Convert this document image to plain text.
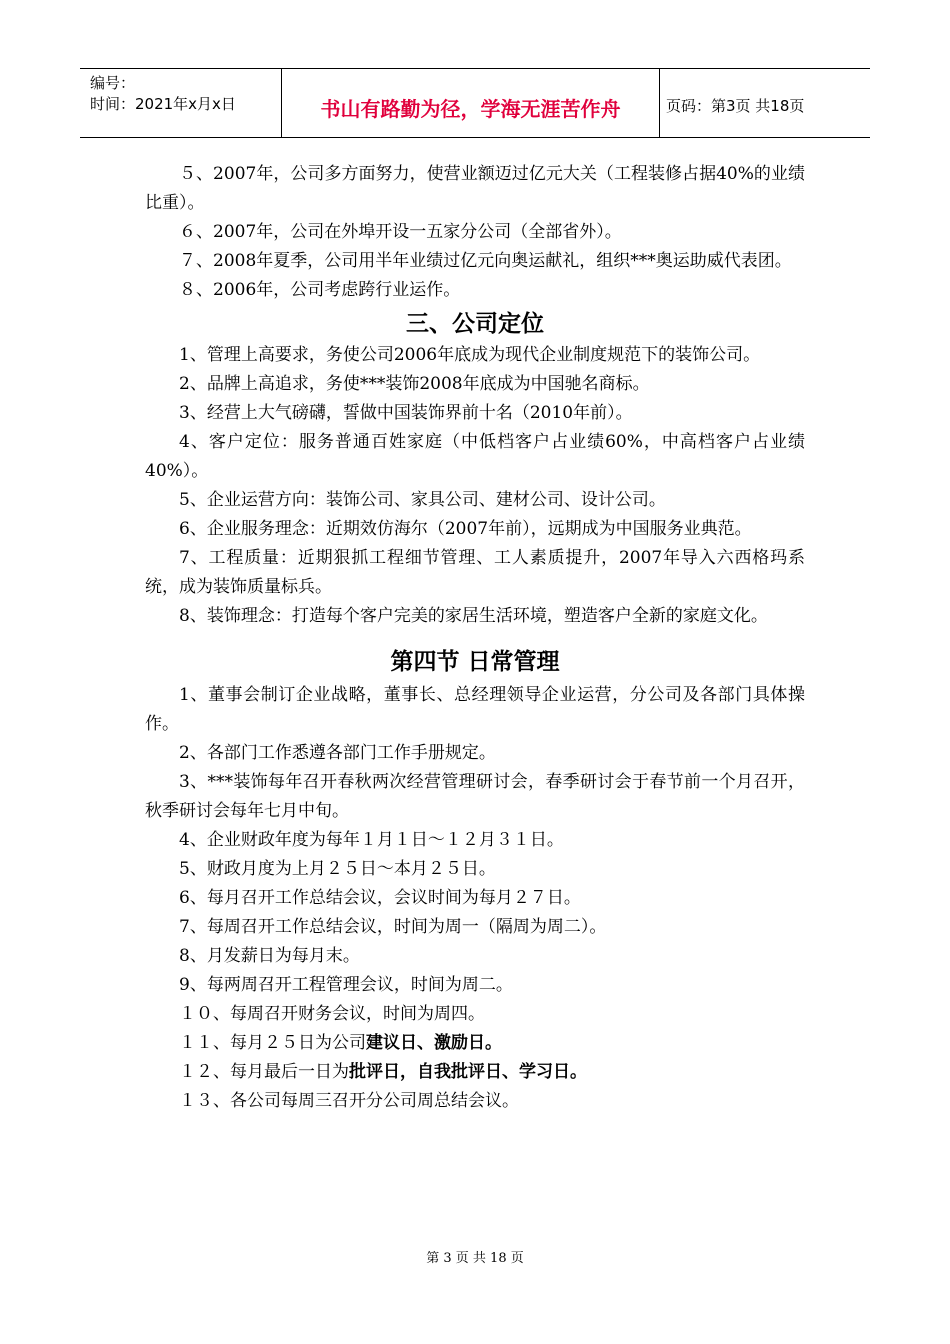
编号：
时间：2021年x月x日	书山有路勤为径，学海无涯苦作舟	页码：第3页 共18页

５、2007年，公司多方面努力，使营业额迈过亿元大关（工程装修占据40%的业绩比重）。

６、2007年，公司在外埠开设一五家分公司（全部省外）。

７、2008年夏季，公司用半年业绩过亿元向奥运献礼，组织***奥运助威代表团。

８、2006年，公司考虑跨行业运作。

三、公司定位

1、管理上高要求，务使公司2006年底成为现代企业制度规范下的装饰公司。

2、品牌上高追求，务使***装饰2008年底成为中国驰名商标。

3、经营上大气磅礴，誓做中国装饰界前十名（2010年前）。

4、客户定位：服务普通百姓家庭（中低档客户占业绩60%，中高档客户占业绩40%）。

5、企业运营方向：装饰公司、家具公司、建材公司、设计公司。

6、企业服务理念：近期效仿海尔（2007年前），远期成为中国服务业典范。

7、工程质量：近期狠抓工程细节管理、工人素质提升，2007年导入六西格玛系统，成为装饰质量标兵。

8、装饰理念：打造每个客户完美的家居生活环境，塑造客户全新的家庭文化。

第四节 日常管理

1、董事会制订企业战略，董事长、总经理领导企业运营，分公司及各部门具体操作。

2、各部门工作悉遵各部门工作手册规定。

3、***装饰每年召开春秋两次经营管理研讨会，春季研讨会于春节前一个月召开，秋季研讨会每年七月中旬。

4、企业财政年度为每年１月１日～１２月３１日。

5、财政月度为上月２５日～本月２５日。

6、每月召开工作总结会议，会议时间为每月２７日。

7、每周召开工作总结会议，时间为周一（隔周为周二）。

8、月发薪日为每月末。

9、每两周召开工程管理会议，时间为周二。

１０、每周召开财务会议，时间为周四。

１１、每月２５日为公司建议日、激励日。

１２、每月最后一日为批评日，自我批评日、学习日。

１３、各公司每周三召开分公司周总结会议。

第 3 页 共 18 页
